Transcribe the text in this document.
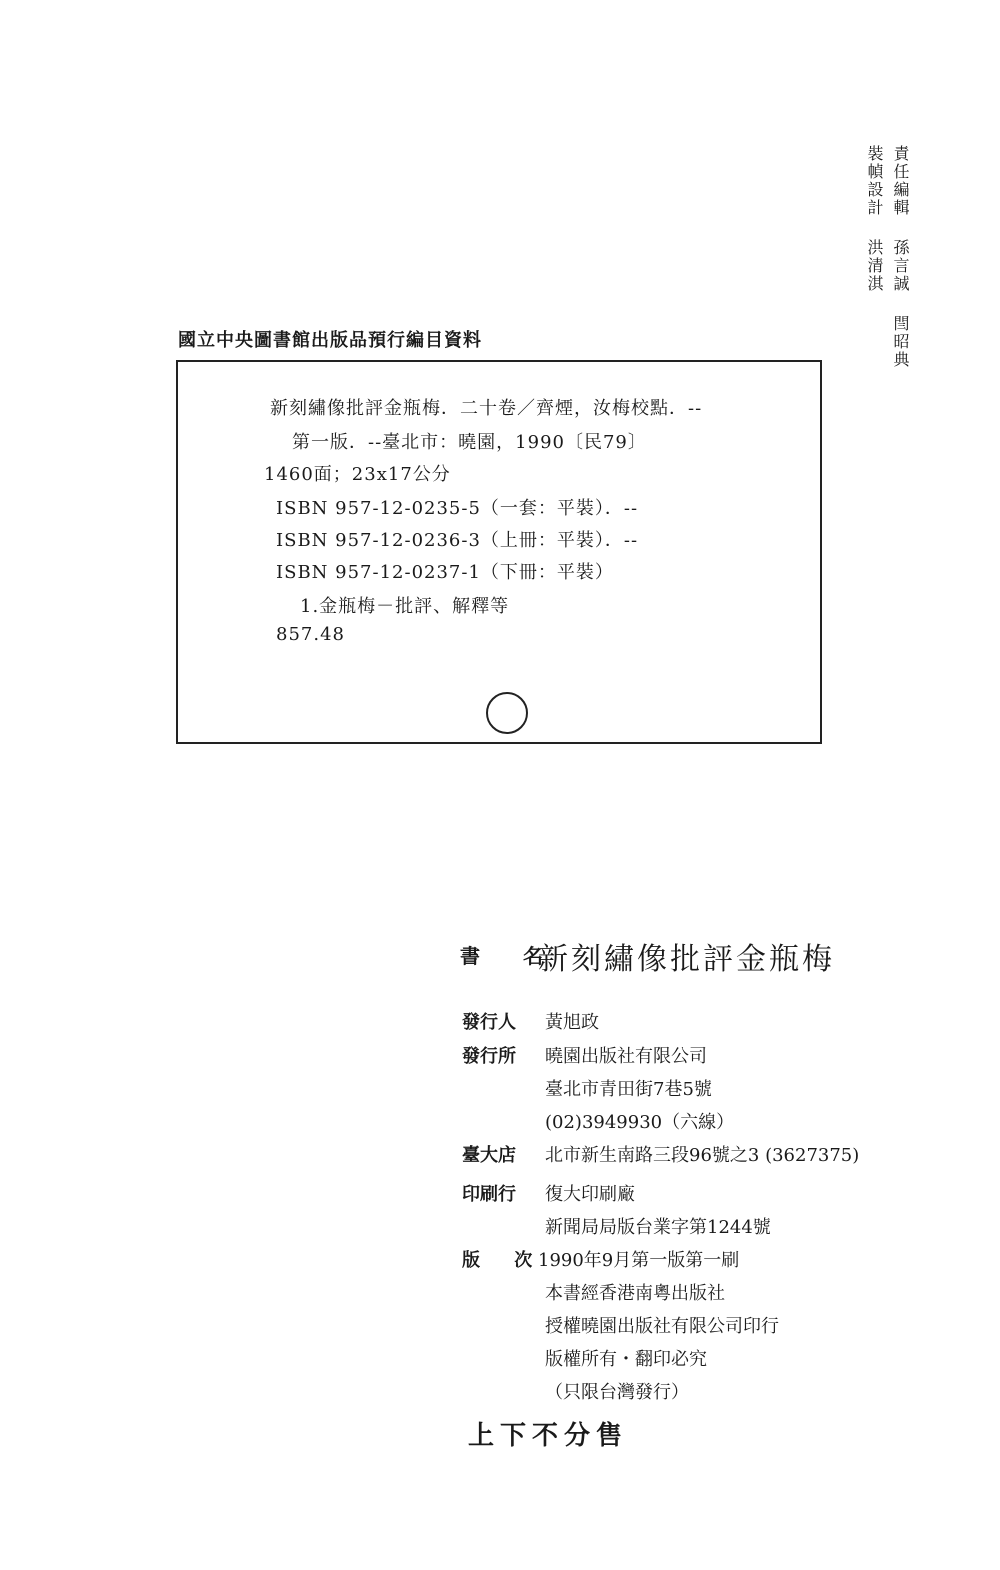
責任編輯孫言誠閆昭典
裝幀設計洪清淇
國立中央圖書館出版品預行編目資料
新刻繡像批評金瓶梅．二十卷／齊煙，汝梅校點．--
第一版．--臺北市：曉園，1990〔民79〕
1460面；23x17公分
ISBN 957-12-0235-5（一套：平裝）．--
ISBN 957-12-0236-3（上冊：平裝）．--
ISBN 957-12-0237-1（下冊：平裝）
1.金瓶梅－批評、解釋等
857.48
書 名
新刻繡像批評金瓶梅
發行人 黃旭政
發行所 曉園出版社有限公司
臺北市青田街7巷5號
(02)3949930（六線）
臺大店 北市新生南路三段96號之3 (3627375)
印刷行 復大印刷廠
新聞局局版台業字第1244號
版 次
1990年9月第一版第一刷
本書經香港南粵出版社
授權曉園出版社有限公司印行
版權所有・翻印必究
（只限台灣發行）
上下不分售
